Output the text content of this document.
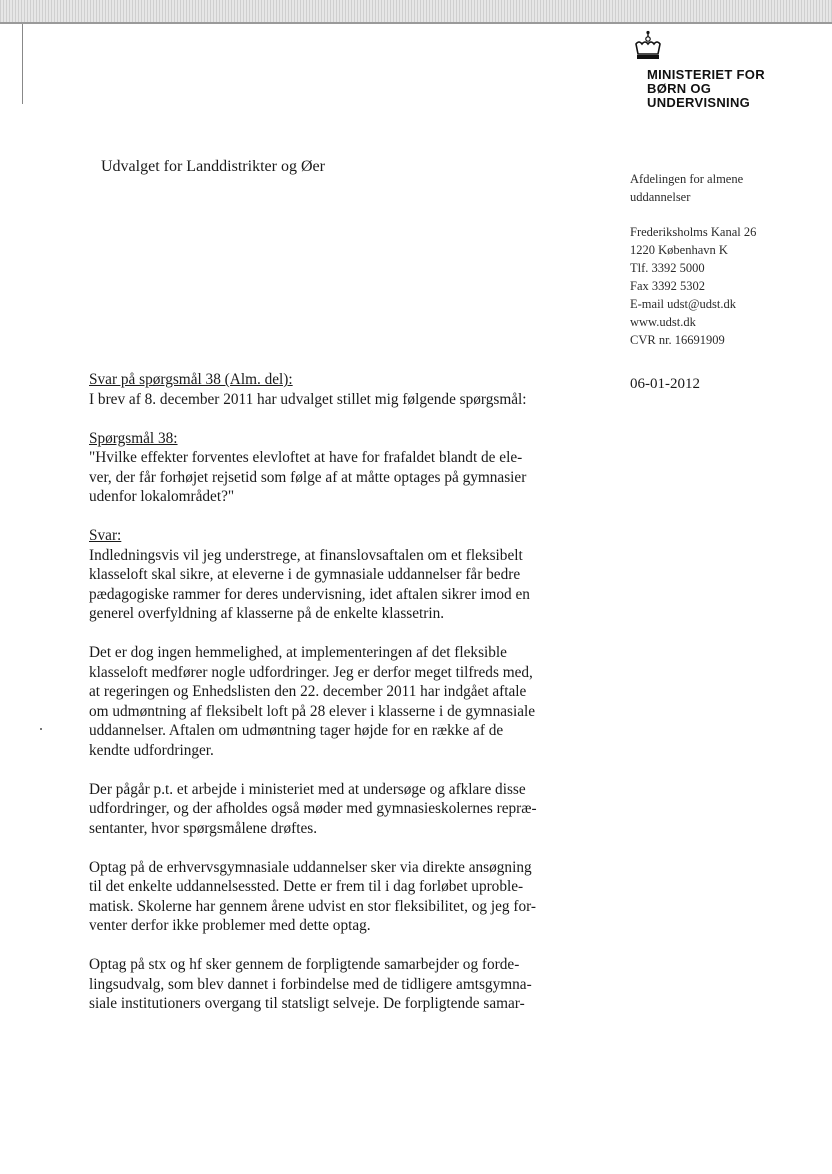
MINISTERIET FOR
BØRN OG
UNDERVISNING
Udvalget for Landdistrikter og Øer
Afdelingen for almene
uddannelser
Frederiksholms Kanal 26
1220 København K
Tlf. 3392 5000
Fax 3392 5302
E-mail udst@udst.dk
www.udst.dk
CVR nr. 16691909
06-01-2012

Svar på spørgsmål 38 (Alm. del):
I brev af 8. december 2011 har udvalget stillet mig følgende spørgsmål:

Spørgsmål 38:
"Hvilke effekter forventes elevloftet at have for frafaldet blandt de ele-
ver, der får forhøjet rejsetid som følge af at måtte optages på gymnasier
udenfor lokalområdet?"

Svar:
Indledningsvis vil jeg understrege, at finanslovsaftalen om et fleksibelt
klasseloft skal sikre, at eleverne i de gymnasiale uddannelser får bedre
pædagogiske rammer for deres undervisning, idet aftalen sikrer imod en
generel overfyldning af klasserne på de enkelte klassetrin.

Det er dog ingen hemmelighed, at implementeringen af det fleksible
klasseloft medfører nogle udfordringer. Jeg er derfor meget tilfreds med,
at regeringen og Enhedslisten den 22. december 2011 har indgået aftale
om udmøntning af fleksibelt loft på 28 elever i klasserne i de gymnasiale
uddannelser. Aftalen om udmøntning tager højde for en række af de
kendte udfordringer.

Der pågår p.t. et arbejde i ministeriet med at undersøge og afklare disse
udfordringer, og der afholdes også møder med gymnasieskolernes repræ-
sentanter, hvor spørgsmålene drøftes.

Optag på de erhvervsgymnasiale uddannelser sker via direkte ansøgning
til det enkelte uddannelsessted. Dette er frem til i dag forløbet uproble-
matisk. Skolerne har gennem årene udvist en stor fleksibilitet, og jeg for-
venter derfor ikke problemer med dette optag.

Optag på stx og hf sker gennem de forpligtende samarbejder og forde-
lingsudvalg, som blev dannet i forbindelse med de tidligere amtsgymna-
siale institutioners overgang til statsligt selveje. De forpligtende samar-
